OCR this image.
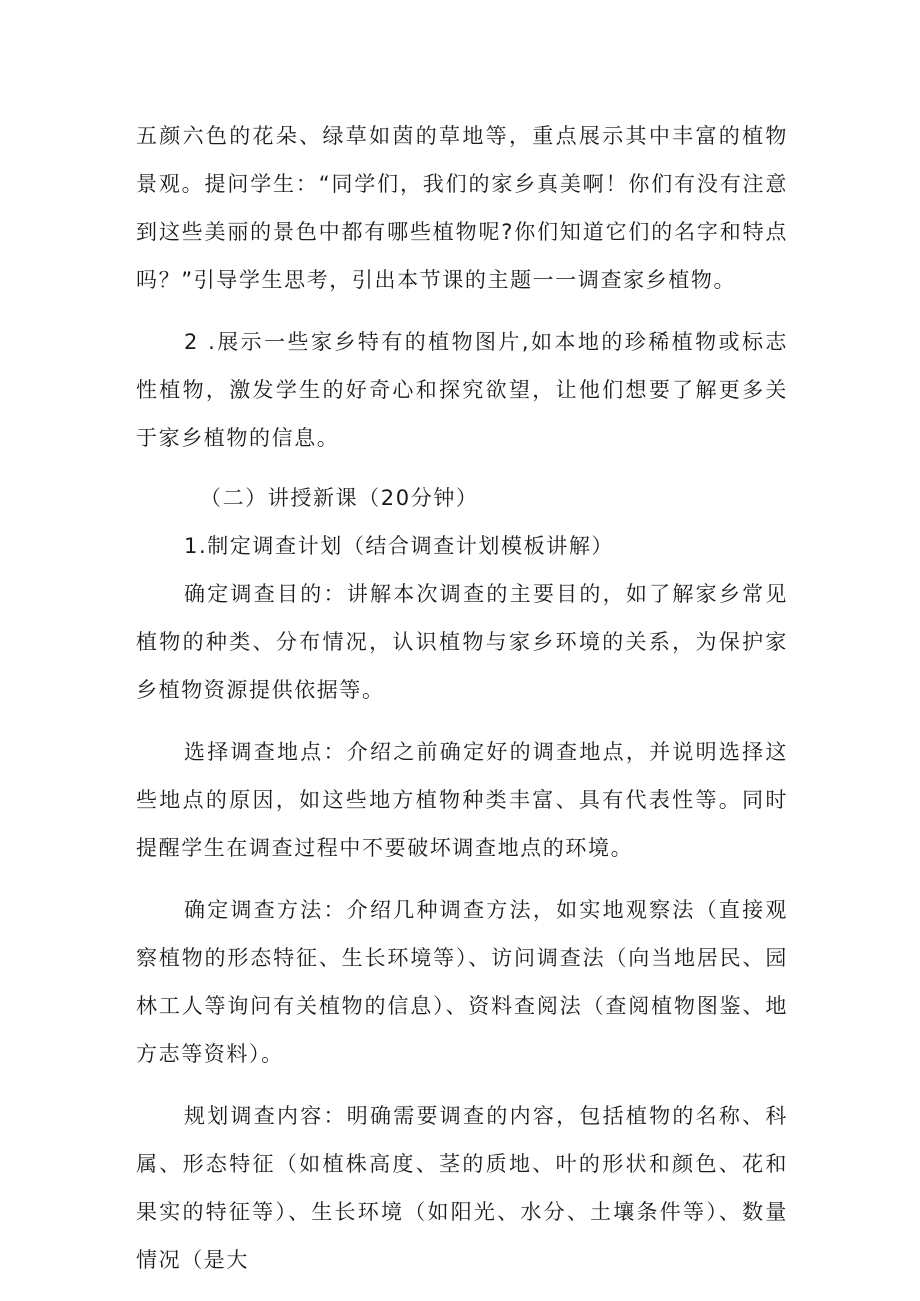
五颜六色的花朵、绿草如茵的草地等，重点展示其中丰富的植物景观。提问学生：“同学们，我们的家乡真美啊！你们有没有注意到这些美丽的景色中都有哪些植物呢?你们知道它们的名字和特点吗？”引导学生思考，引出本节课的主题一一调查家乡植物。

2 .展示一些家乡特有的植物图片,如本地的珍稀植物或标志性植物，激发学生的好奇心和探究欲望，让他们想要了解更多关于家乡植物的信息。

（二）讲授新课（20分钟）

1.制定调查计划（结合调查计划模板讲解）

确定调查目的：讲解本次调查的主要目的，如了解家乡常见植物的种类、分布情况，认识植物与家乡环境的关系，为保护家乡植物资源提供依据等。

选择调查地点：介绍之前确定好的调查地点，并说明选择这些地点的原因，如这些地方植物种类丰富、具有代表性等。同时提醒学生在调查过程中不要破坏调查地点的环境。

确定调查方法：介绍几种调查方法，如实地观察法（直接观察植物的形态特征、生长环境等）、访问调查法（向当地居民、园林工人等询问有关植物的信息）、资料查阅法（查阅植物图鉴、地方志等资料）。

规划调查内容：明确需要调查的内容，包括植物的名称、科属、形态特征（如植株高度、茎的质地、叶的形状和颜色、花和果实的特征等）、生长环境（如阳光、水分、土壤条件等）、数量情况（是大
